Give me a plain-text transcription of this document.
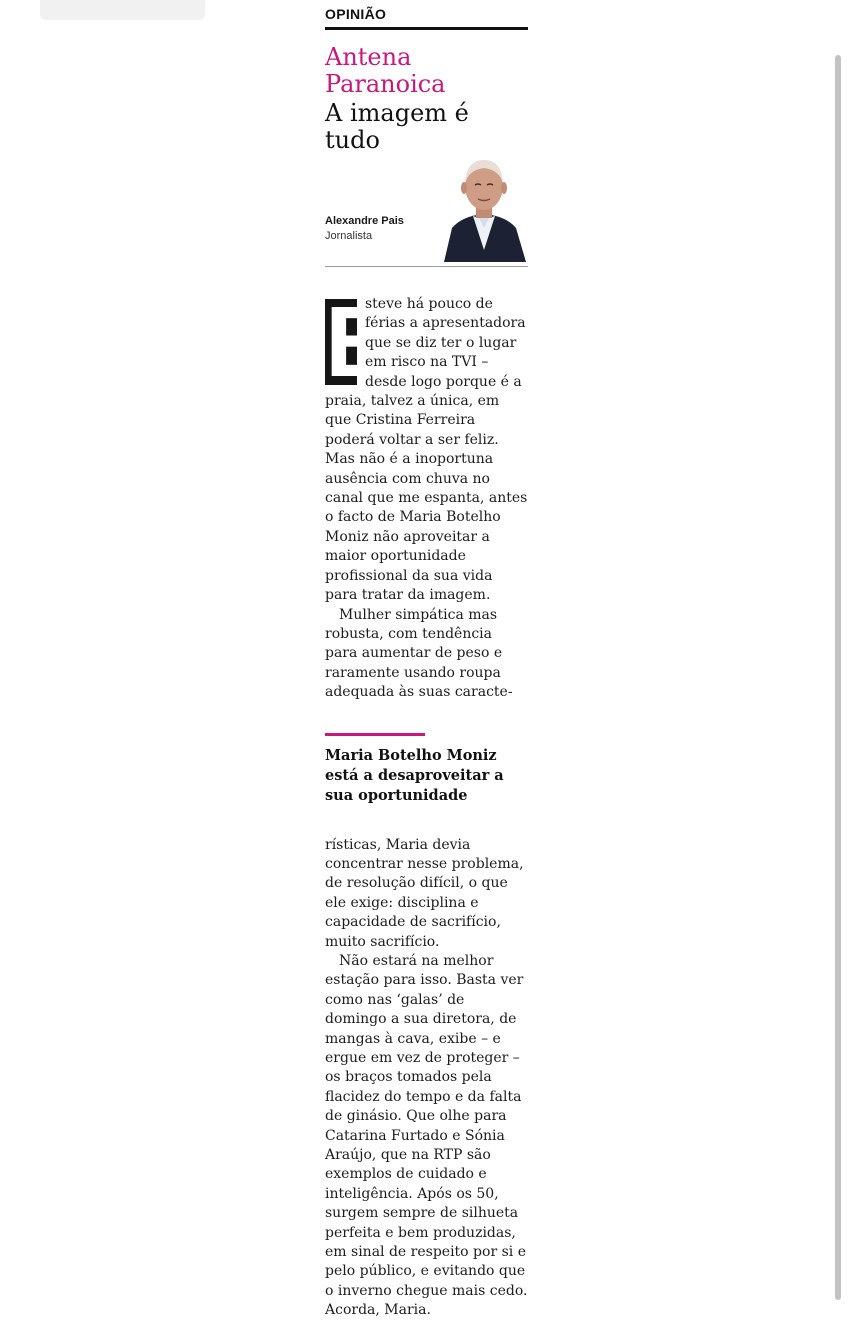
OPINIÃO
Antena Paranoica
A imagem é tudo
Alexandre Pais
Jornalista
E
steve há pouco de férias a apresentadora que se diz ter o lugar em risco na TVI – desde logo porque é a praia, talvez a única, em que Cristina Ferreira poderá voltar a ser feliz. Mas não é a inoportuna ausência com chuva no canal que me espanta, antes o facto de Maria Botelho Moniz não aproveitar a maior oportunidade profissional da sua vida para tratar da imagem.
Mulher simpática mas robusta, com tendência para aumentar de peso e raramente usando roupa adequada às suas caracte-
Maria Botelho Moniz está a desaproveitar a sua oportunidade
rísticas, Maria devia concentrar nesse problema, de resolução difícil, o que ele exige: disciplina e capacidade de sacrifício, muito sacrifício.
Não estará na melhor estação para isso. Basta ver como nas ‘galas’ de domingo a sua diretora, de mangas à cava, exibe – e ergue em vez de proteger – os braços tomados pela flacidez do tempo e da falta de ginásio. Que olhe para Catarina Furtado e Sónia Araújo, que na RTP são exemplos de cuidado e inteligência. Após os 50, surgem sempre de silhueta perfeita e bem produzidas, em sinal de respeito por si e pelo público, e evitando que o inverno chegue mais cedo. Acorda, Maria.
